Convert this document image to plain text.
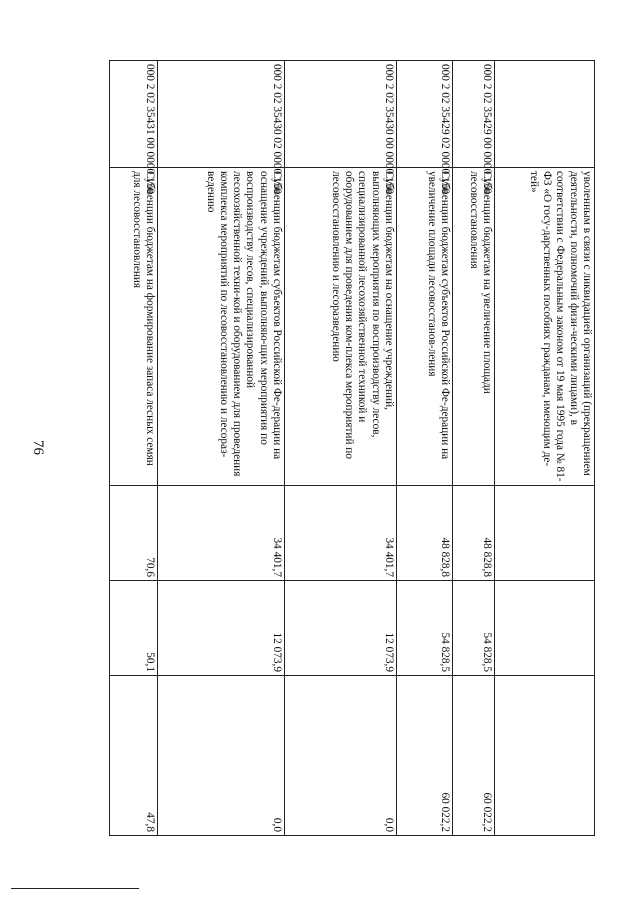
76
		уволенным в связи с ликвидацией организаций (прекращением деятельности, полномочий физи-ческими лицами), в соответствии с Федеральным законом от 19 мая 1995 года № 81-ФЗ «О госу-дарственных пособиях гражданам, имеющим де-тей»			
000 2 02 35429 00 0000 150	Субвенции бюджетам на увеличение площади лесовосстановления	48 828,8	54 828,5	60 022,2
000 2 02 35429 02 0000 150	Субвенции бюджетам субъектов Российской Фе-дерации на увеличение площади лесовосстанов-ления	48 828,8	54 828,5	60 022,2
000 2 02 35430 00 0000 150	Субвенции бюджетам на оснащение учреждений, выполняющих мероприятия по воспроизводству лесов, специализированной лесохозяйственной техникой и оборудованием для проведения ком-плекса мероприятий по лесовосстановлению и лесоразведению	34 401,7	12 073,9	0,0
000 2 02 35430 02 0000 150	Субвенции бюджетам субъектов Российской Фе-дерации на оснащение учреждений, выполняю-щих мероприятия по воспроизводству лесов, специализированной лесохозяйственной техни-кой и оборудованием для проведения комплекса мероприятий по лесовосстановлению и лесораз-ведению	34 401,7	12 073,9	0,0
000 2 02 35431 00 0000 150	Субвенции бюджетам на формирование запаса лесных семян для лесовосстановления	70,6	50,1	47,8
